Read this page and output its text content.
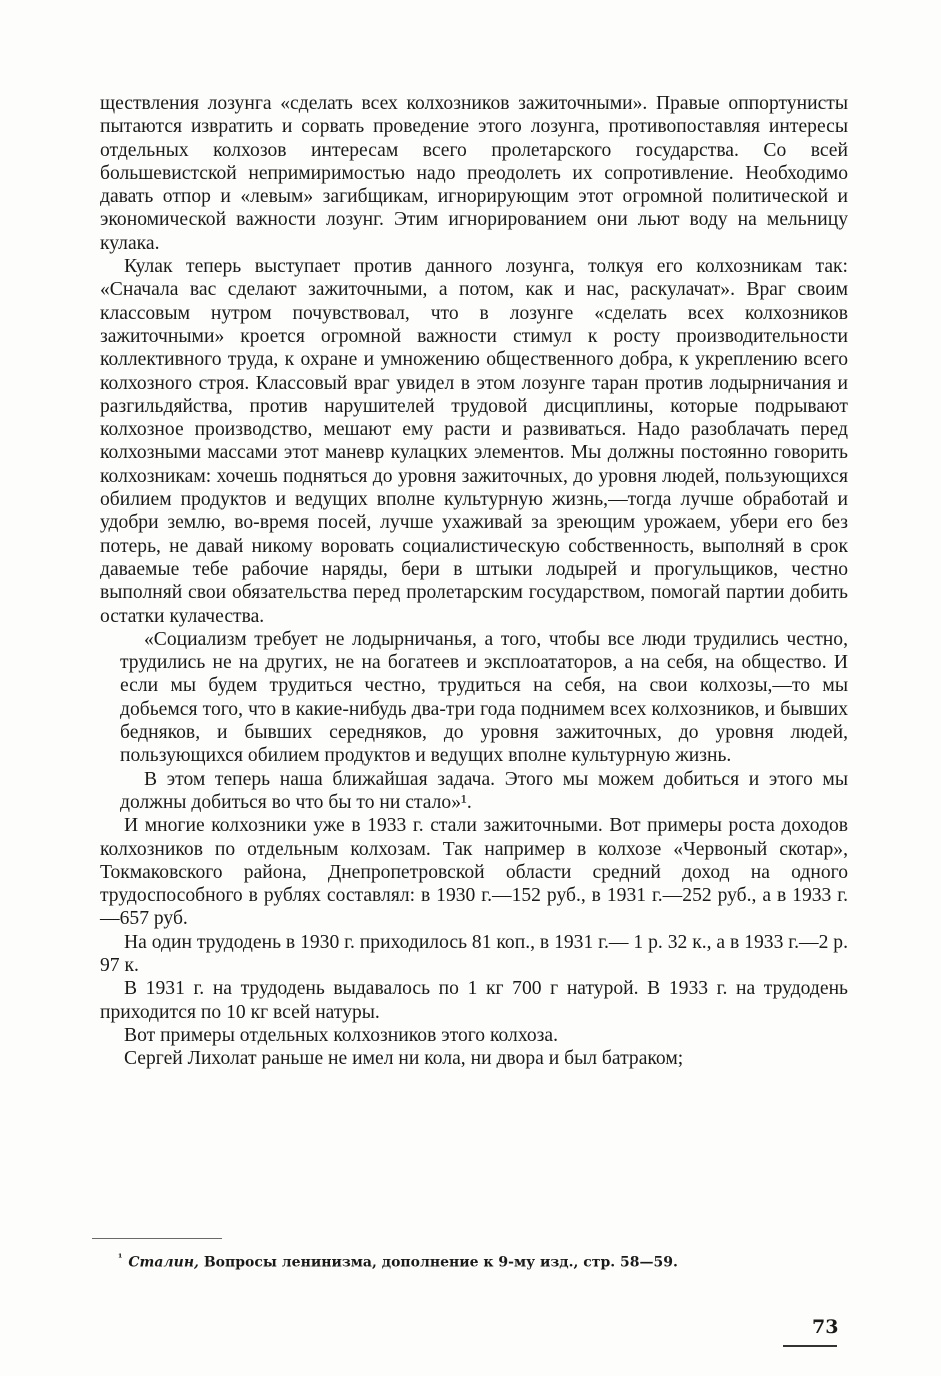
ществления лозунга «сделать всех колхозников зажиточными». Правые оппортунисты пытаются извратить и сорвать проведение этого лозунга, противопоставляя интересы отдельных колхозов интересам всего пролетарского государства. Со всей большевистской непримиримостью надо преодолеть их сопротивление. Необходимо давать отпор и «левым» загибщикам, игнорирующим этот огромной политической и экономической важности лозунг. Этим игнорированием они льют воду на мельницу кулака.

Кулак теперь выступает против данного лозунга, толкуя его колхозникам так: «Сначала вас сделают зажиточными, а потом, как и нас, раскулачат». Враг своим классовым нутром почувствовал, что в лозунге «сделать всех колхозников зажиточными» кроется огромной важности стимул к росту производительности коллективного труда, к охране и умножению общественного добра, к укреплению всего колхозного строя. Классовый враг увидел в этом лозунге таран против лодырничания и разгильдяйства, против нарушителей трудовой дисциплины, которые подрывают колхозное производство, мешают ему расти и развиваться. Надо разоблачать перед колхозными массами этот маневр кулацких элементов. Мы должны постоянно говорить колхозникам: хочешь подняться до уровня зажиточных, до уровня людей, пользующихся обилием продуктов и ведущих вполне культурную жизнь,—тогда лучше обработай и удобри землю, во-время посей, лучше ухаживай за зреющим урожаем, убери его без потерь, не давай никому воровать социалистическую собственность, выполняй в срок даваемые тебе рабочие наряды, бери в штыки лодырей и прогульщиков, честно выполняй свои обязательства перед пролетарским государством, помогай партии добить остатки кулачества.

«Социализм требует не лодырничанья, а того, чтобы все люди трудились честно, трудились не на других, не на богатеев и эксплоататоров, а на себя, на общество. И если мы будем трудиться честно, трудиться на себя, на свои колхозы,—то мы добьемся того, что в какие-нибудь два-три года поднимем всех колхозников, и бывших бедняков, и бывших середняков, до уровня зажиточных, до уровня людей, пользующихся обилием продуктов и ведущих вполне культурную жизнь.

В этом теперь наша ближайшая задача. Этого мы можем добиться и этого мы должны добиться во что бы то ни стало»¹.

И многие колхозники уже в 1933 г. стали зажиточными. Вот примеры роста доходов колхозников по отдельным колхозам. Так например в колхозе «Червоный скотар», Токмаковского района, Днепропетровской области средний доход на одного трудоспособного в рублях составлял: в 1930 г.—152 руб., в 1931 г.—252 руб., а в 1933 г.—657 руб.

На один трудодень в 1930 г. приходилось 81 коп., в 1931 г.— 1 р. 32 к., а в 1933 г.—2 р. 97 к.

В 1931 г. на трудодень выдавалось по 1 кг 700 г натурой. В 1933 г. на трудодень приходится по 10 кг всей натуры.

Вот примеры отдельных колхозников этого колхоза.

Сергей Лихолат раньше не имел ни кола, ни двора и был батраком;

$^{^1}$ Сталин, Вопросы ленинизма, дополнение к 9-му изд., стр. 58—59.
73
